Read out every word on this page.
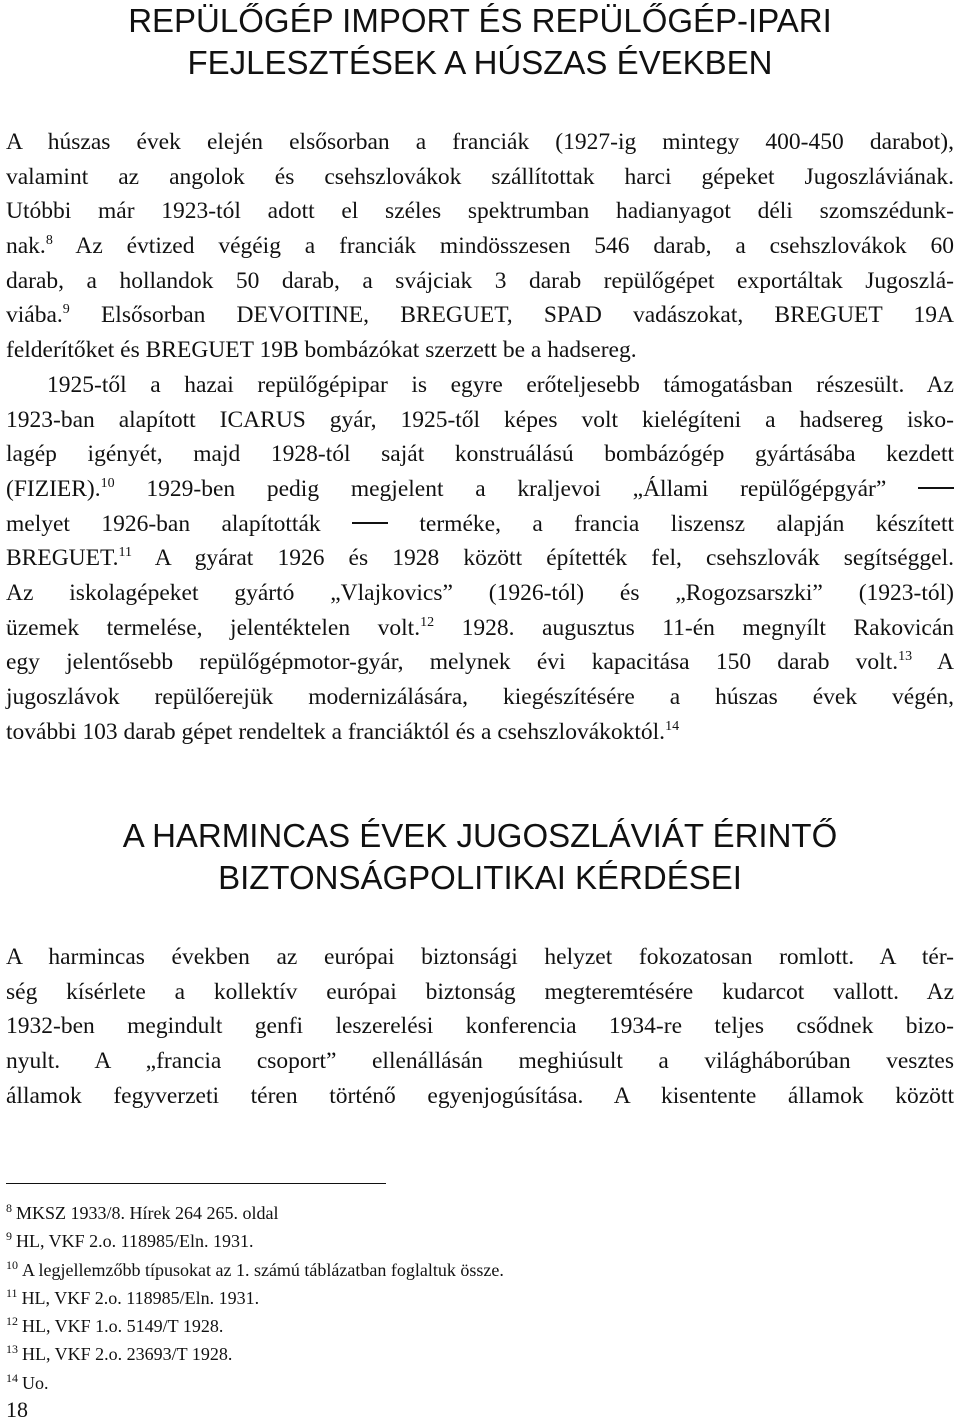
REPÜLŐGÉP IMPORT ÉS REPÜLŐGÉP-IPARI
FEJLESZTÉSEK A HÚSZAS ÉVEKBEN
A húszas évek elején elsősorban a franciák (1927-ig mintegy 400-450 darabot),
valamint az angolok és csehszlovákok szállítottak harci gépeket Jugoszláviának.
Utóbbi már 1923-tól adott el széles spektrumban hadianyagot déli szomszédunk-
nak.$^8$ Az évtized végéig a franciák mindösszesen 546 darab, a csehszlovákok 60
darab, a hollandok 50 darab, a svájciak 3 darab repülőgépet exportáltak Jugoszlá-
viába.$^9$ Elsősorban DEVOITINE, BREGUET, SPAD vadászokat, BREGUET 19A
felderítőket és BREGUET 19B bombázókat szerzett be a hadsereg.
1925-től a hazai repülőgépipar is egyre erőteljesebb támogatásban részesült. Az
1923-ban alapított ICARUS gyár, 1925-től képes volt kielégíteni a hadsereg isko-
lagép igényét, majd 1928-tól saját konstruálású bombázógép gyártásába kezdett
(FIZIER).$^{10}$ 1929-ben pedig megjelent a kraljevoi „Állami repülőgépgyár”
melyet 1926-ban alapították	terméke, a francia liszensz alapján készített
BREGUET.$^{11}$ A gyárat 1926 és 1928 között építették fel, csehszlovák segítséggel.
Az iskolagépeket gyártó „Vlajkovics” (1926-tól) és „Rogozsarszki” (1923-tól)
üzemek termelése, jelentéktelen volt.$^{12}$ 1928. augusztus 11-én megnyílt Rakovicán
egy jelentősebb repülőgépmotor-gyár, melynek évi kapacitása 150 darab volt.$^{13}$ A
jugoszlávok repülőerejük modernizálására, kiegészítésére a húszas évek végén,
további 103 darab gépet rendeltek a franciáktól és a csehszlovákoktól.$^{14}$
A HARMINCAS ÉVEK JUGOSZLÁVIÁT ÉRINTŐ
BIZTONSÁGPOLITIKAI KÉRDÉSEI
A harmincas években az európai biztonsági helyzet fokozatosan romlott. A tér-
ség kísérlete a kollektív európai biztonság megteremtésére kudarcot vallott. Az
1932-ben megindult genfi leszerelési konferencia 1934-re teljes csődnek bizo-
nyult. A „francia csoport” ellenállásán meghiúsult a világháborúban vesztes
államok fegyverzeti téren történő egyenjogúsítása. A kisentente államok között
$^8$ MKSZ 1933/8. Hírek 264 265. oldal
$^9$ HL, VKF 2.o. 118985/Eln. 1931.
$^{10}$ A legjellemzőbb típusokat az 1. számú táblázatban foglaltuk össze.
$^{11}$ HL, VKF 2.o. 118985/Eln. 1931.
$^{12}$ HL, VKF 1.o. 5149/T 1928.
$^{13}$ HL, VKF 2.o. 23693/T 1928.
$^{14}$ Uo.
18
